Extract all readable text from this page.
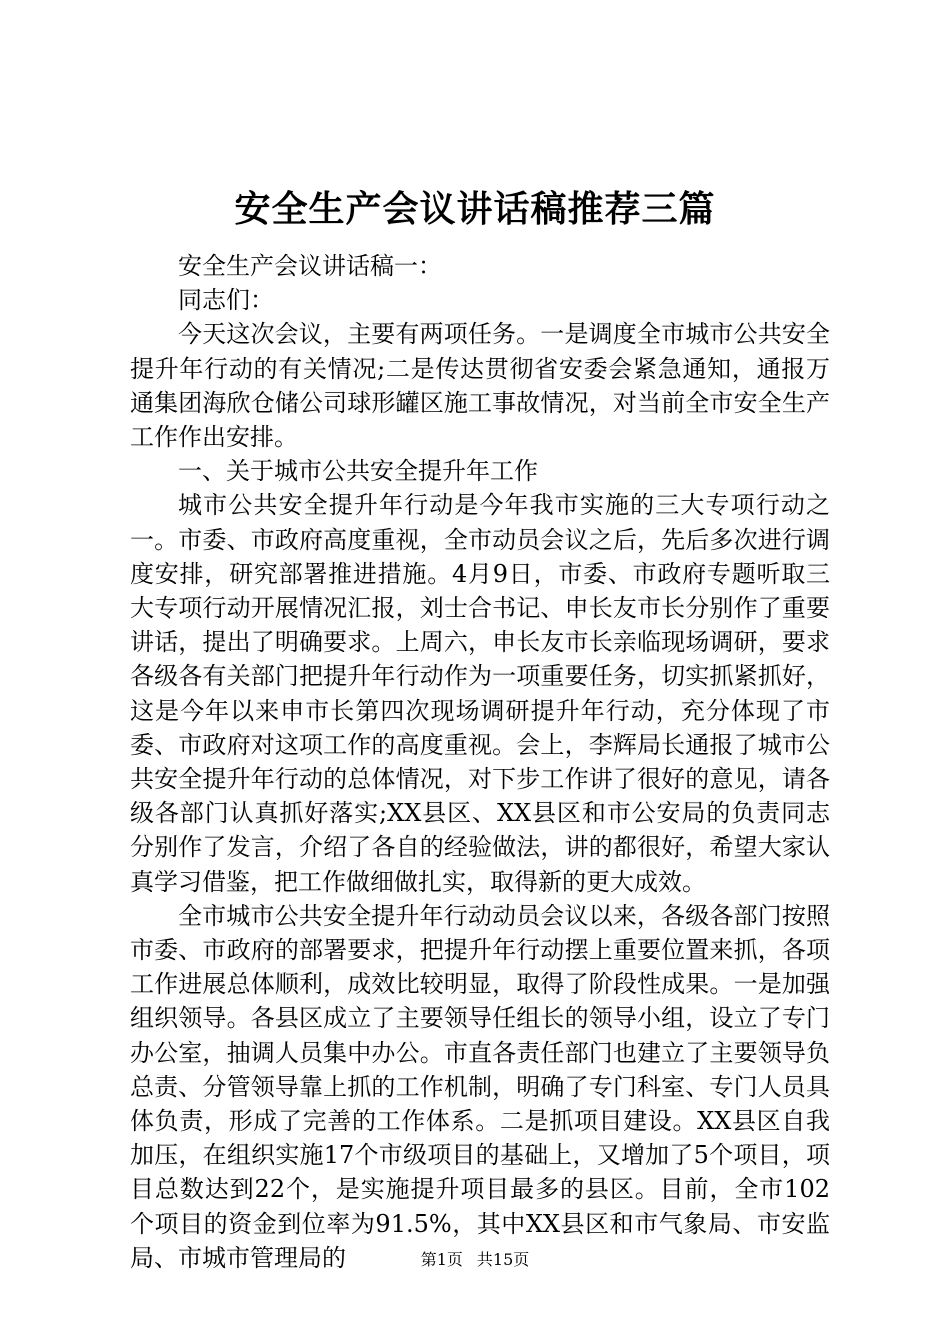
安全生产会议讲话稿推荐三篇

安全生产会议讲话稿一：

同志们：

今天这次会议，主要有两项任务。一是调度全市城市公共安全提升年行动的有关情况;二是传达贯彻省安委会紧急通知，通报万通集团海欣仓储公司球形罐区施工事故情况，对当前全市安全生产工作作出安排。

一、关于城市公共安全提升年工作

城市公共安全提升年行动是今年我市实施的三大专项行动之一。市委、市政府高度重视，全市动员会议之后，先后多次进行调度安排，研究部署推进措施。4月9日，市委、市政府专题听取三大专项行动开展情况汇报，刘士合书记、申长友市长分别作了重要讲话，提出了明确要求。上周六，申长友市长亲临现场调研，要求各级各有关部门把提升年行动作为一项重要任务，切实抓紧抓好，这是今年以来申市长第四次现场调研提升年行动，充分体现了市委、市政府对这项工作的高度重视。会上，李辉局长通报了城市公共安全提升年行动的总体情况，对下步工作讲了很好的意见，请各级各部门认真抓好落实;XX县区、XX县区和市公安局的负责同志分别作了发言，介绍了各自的经验做法，讲的都很好，希望大家认真学习借鉴，把工作做细做扎实，取得新的更大成效。

全市城市公共安全提升年行动动员会议以来，各级各部门按照市委、市政府的部署要求，把提升年行动摆上重要位置来抓，各项工作进展总体顺利，成效比较明显，取得了阶段性成果。一是加强组织领导。各县区成立了主要领导任组长的领导小组，设立了专门办公室，抽调人员集中办公。市直各责任部门也建立了主要领导负总责、分管领导靠上抓的工作机制，明确了专门科室、专门人员具体负责，形成了完善的工作体系。二是抓项目建设。XX县区自我加压，在组织实施17个市级项目的基础上，又增加了5个项目，项目总数达到22个，是实施提升项目最多的县区。目前，全市102个项目的资金到位率为91.5%，其中XX县区和市气象局、市安监局、市城市管理局的	第1页 共15页
